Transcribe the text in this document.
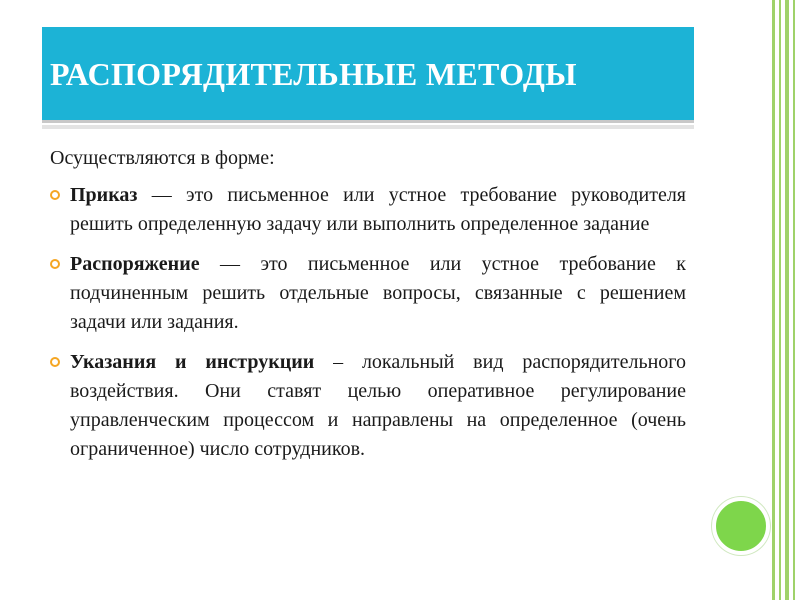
РАСПОРЯДИТЕЛЬНЫЕ МЕТОДЫ

Осуществляются в форме:

Приказ — это письменное или устное требование руководителя решить определенную задачу или выполнить определенное задание
Распоряжение — это письменное или устное требование к подчиненным решить отдельные вопросы, связанные с решением задачи или задания.
Указания и инструкции – локальный вид распорядительного воздействия. Они ставят целью оперативное регулирование управленческим процессом и направлены на определенное (очень ограниченное) число сотрудников.
